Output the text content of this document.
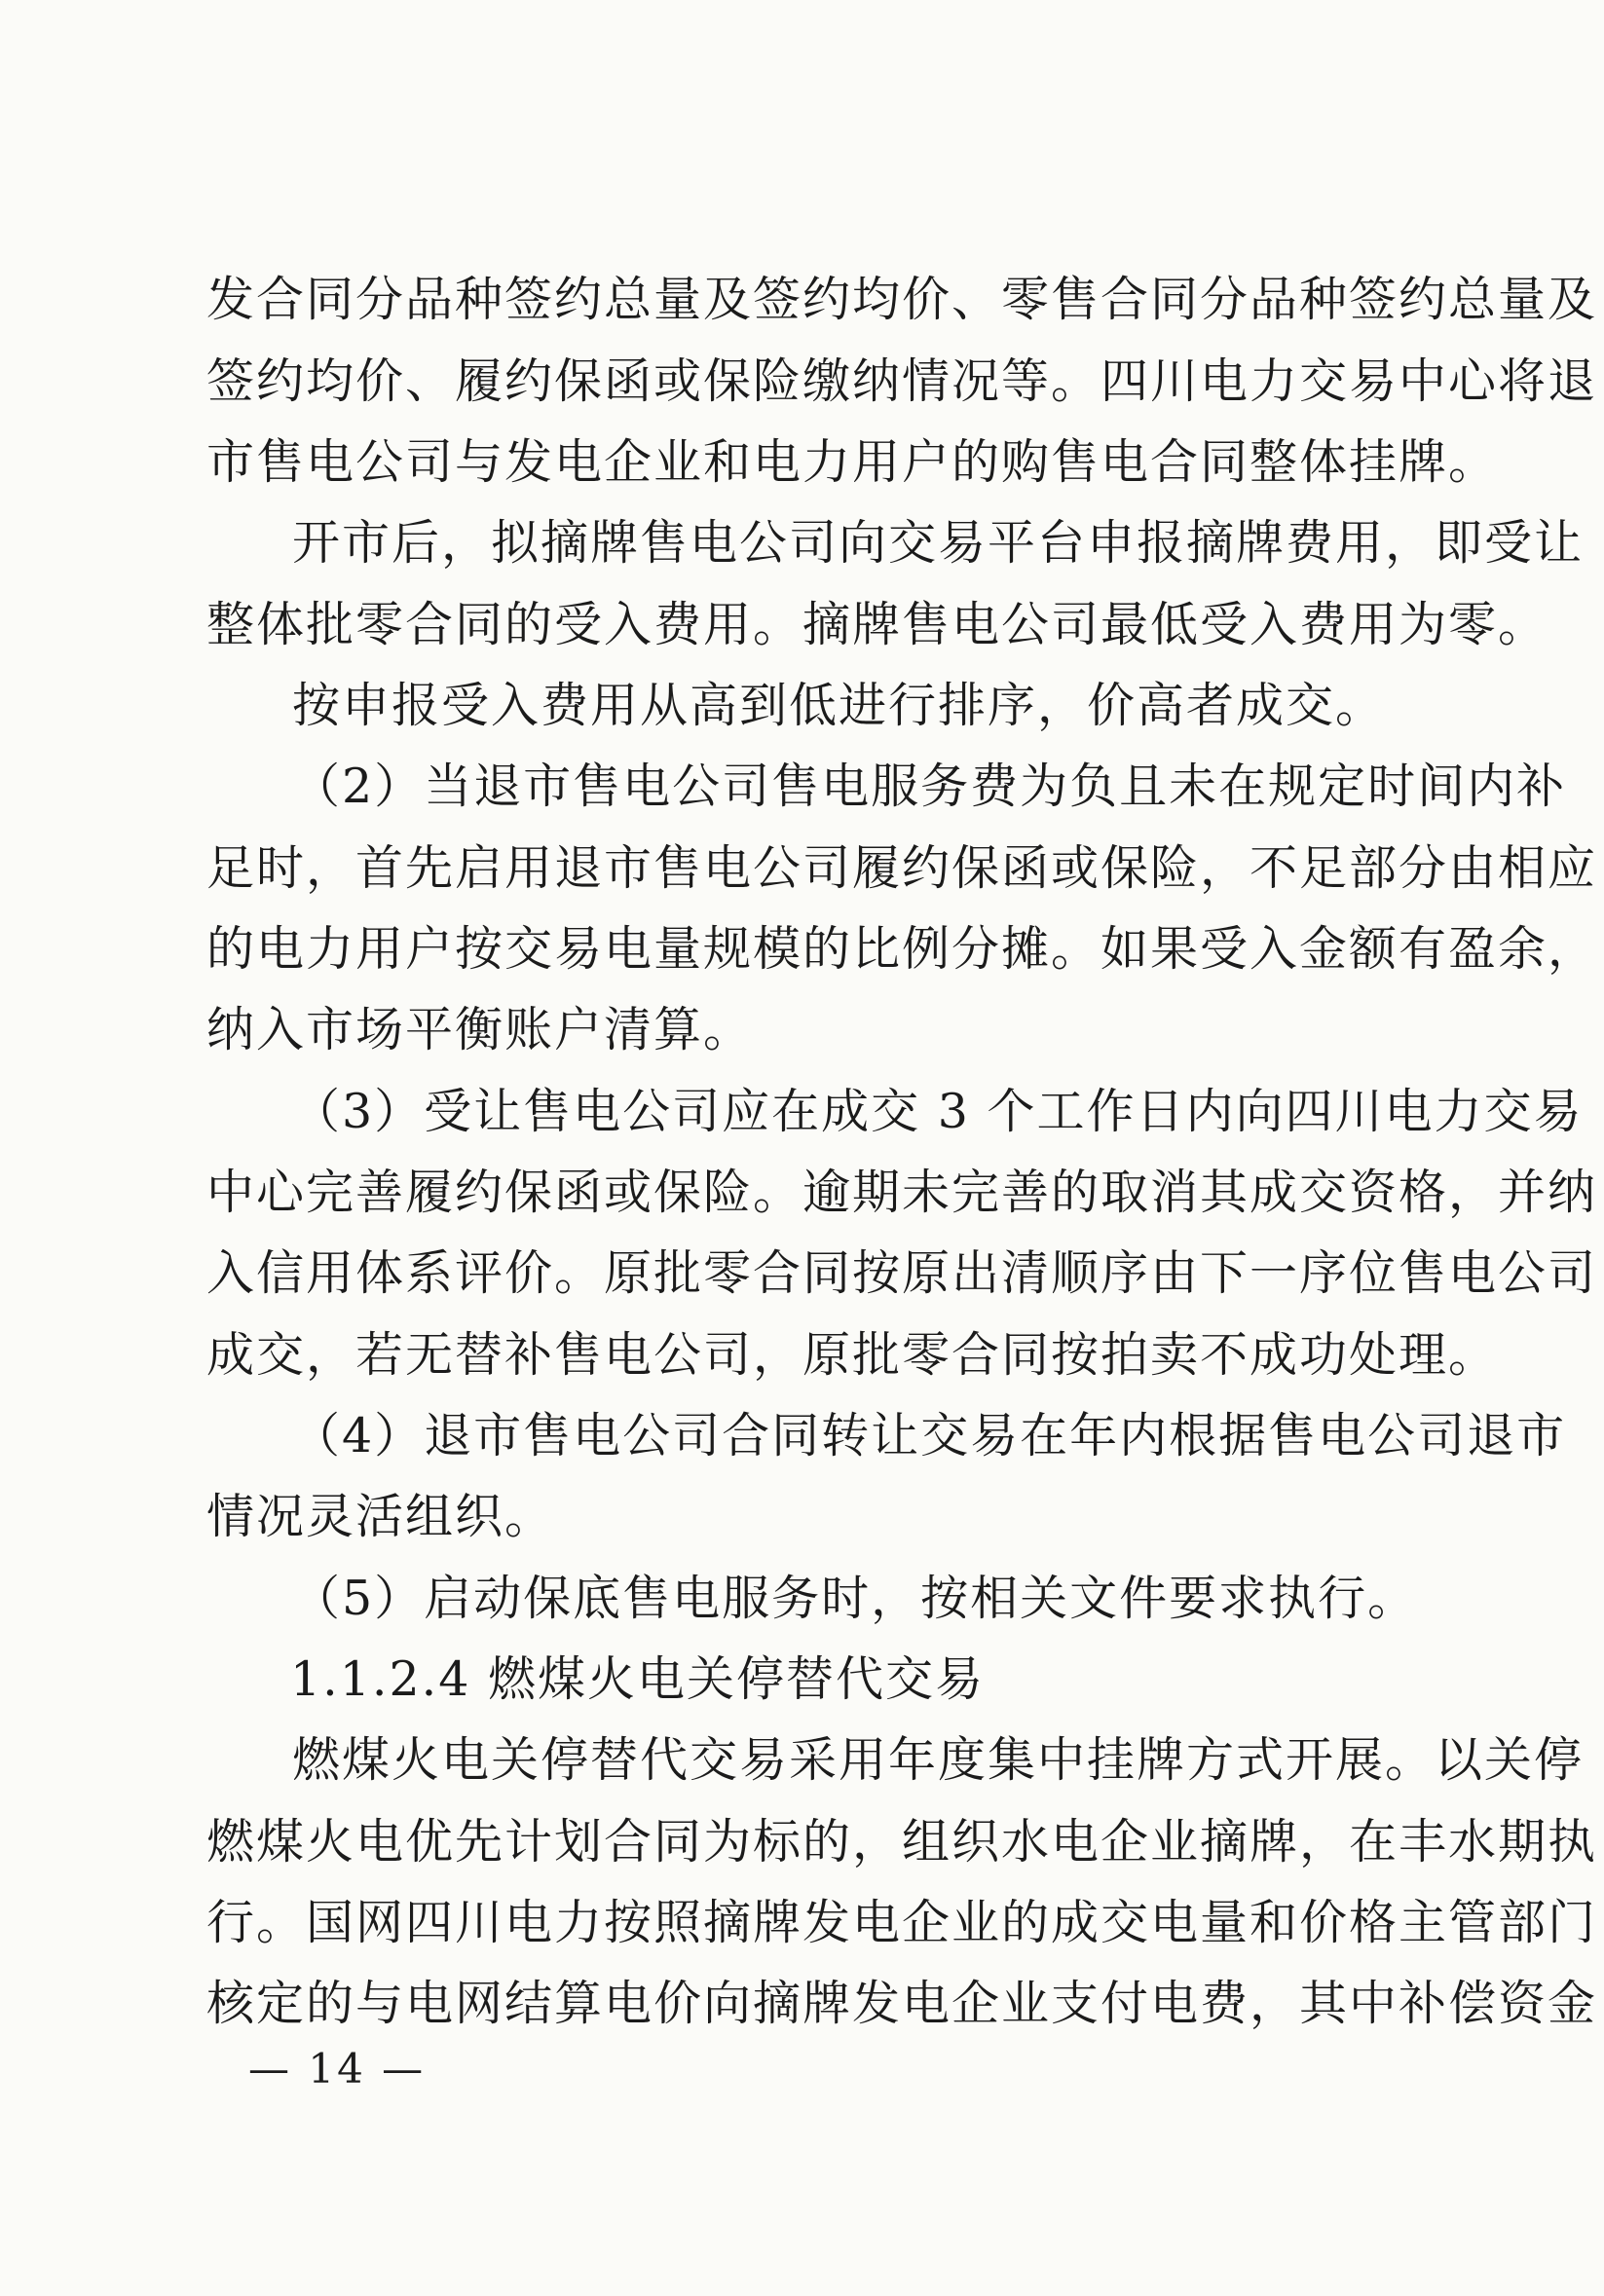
发合同分品种签约总量及签约均价、零售合同分品种签约总量及
签约均价、履约保函或保险缴纳情况等。四川电力交易中心将退
市售电公司与发电企业和电力用户的购售电合同整体挂牌。
开市后，拟摘牌售电公司向交易平台申报摘牌费用，即受让
整体批零合同的受入费用。摘牌售电公司最低受入费用为零。
按申报受入费用从高到低进行排序，价高者成交。
（2）当退市售电公司售电服务费为负且未在规定时间内补
足时，首先启用退市售电公司履约保函或保险，不足部分由相应
的电力用户按交易电量规模的比例分摊。如果受入金额有盈余，
纳入市场平衡账户清算。
（3）受让售电公司应在成交 3 个工作日内向四川电力交易
中心完善履约保函或保险。逾期未完善的取消其成交资格，并纳
入信用体系评价。原批零合同按原出清顺序由下一序位售电公司
成交，若无替补售电公司，原批零合同按拍卖不成功处理。
（4）退市售电公司合同转让交易在年内根据售电公司退市
情况灵活组织。
（5）启动保底售电服务时，按相关文件要求执行。
1.1.2.4 燃煤火电关停替代交易
燃煤火电关停替代交易采用年度集中挂牌方式开展。以关停
燃煤火电优先计划合同为标的，组织水电企业摘牌，在丰水期执
行。国网四川电力按照摘牌发电企业的成交电量和价格主管部门
核定的与电网结算电价向摘牌发电企业支付电费，其中补偿资金
— 14 —
